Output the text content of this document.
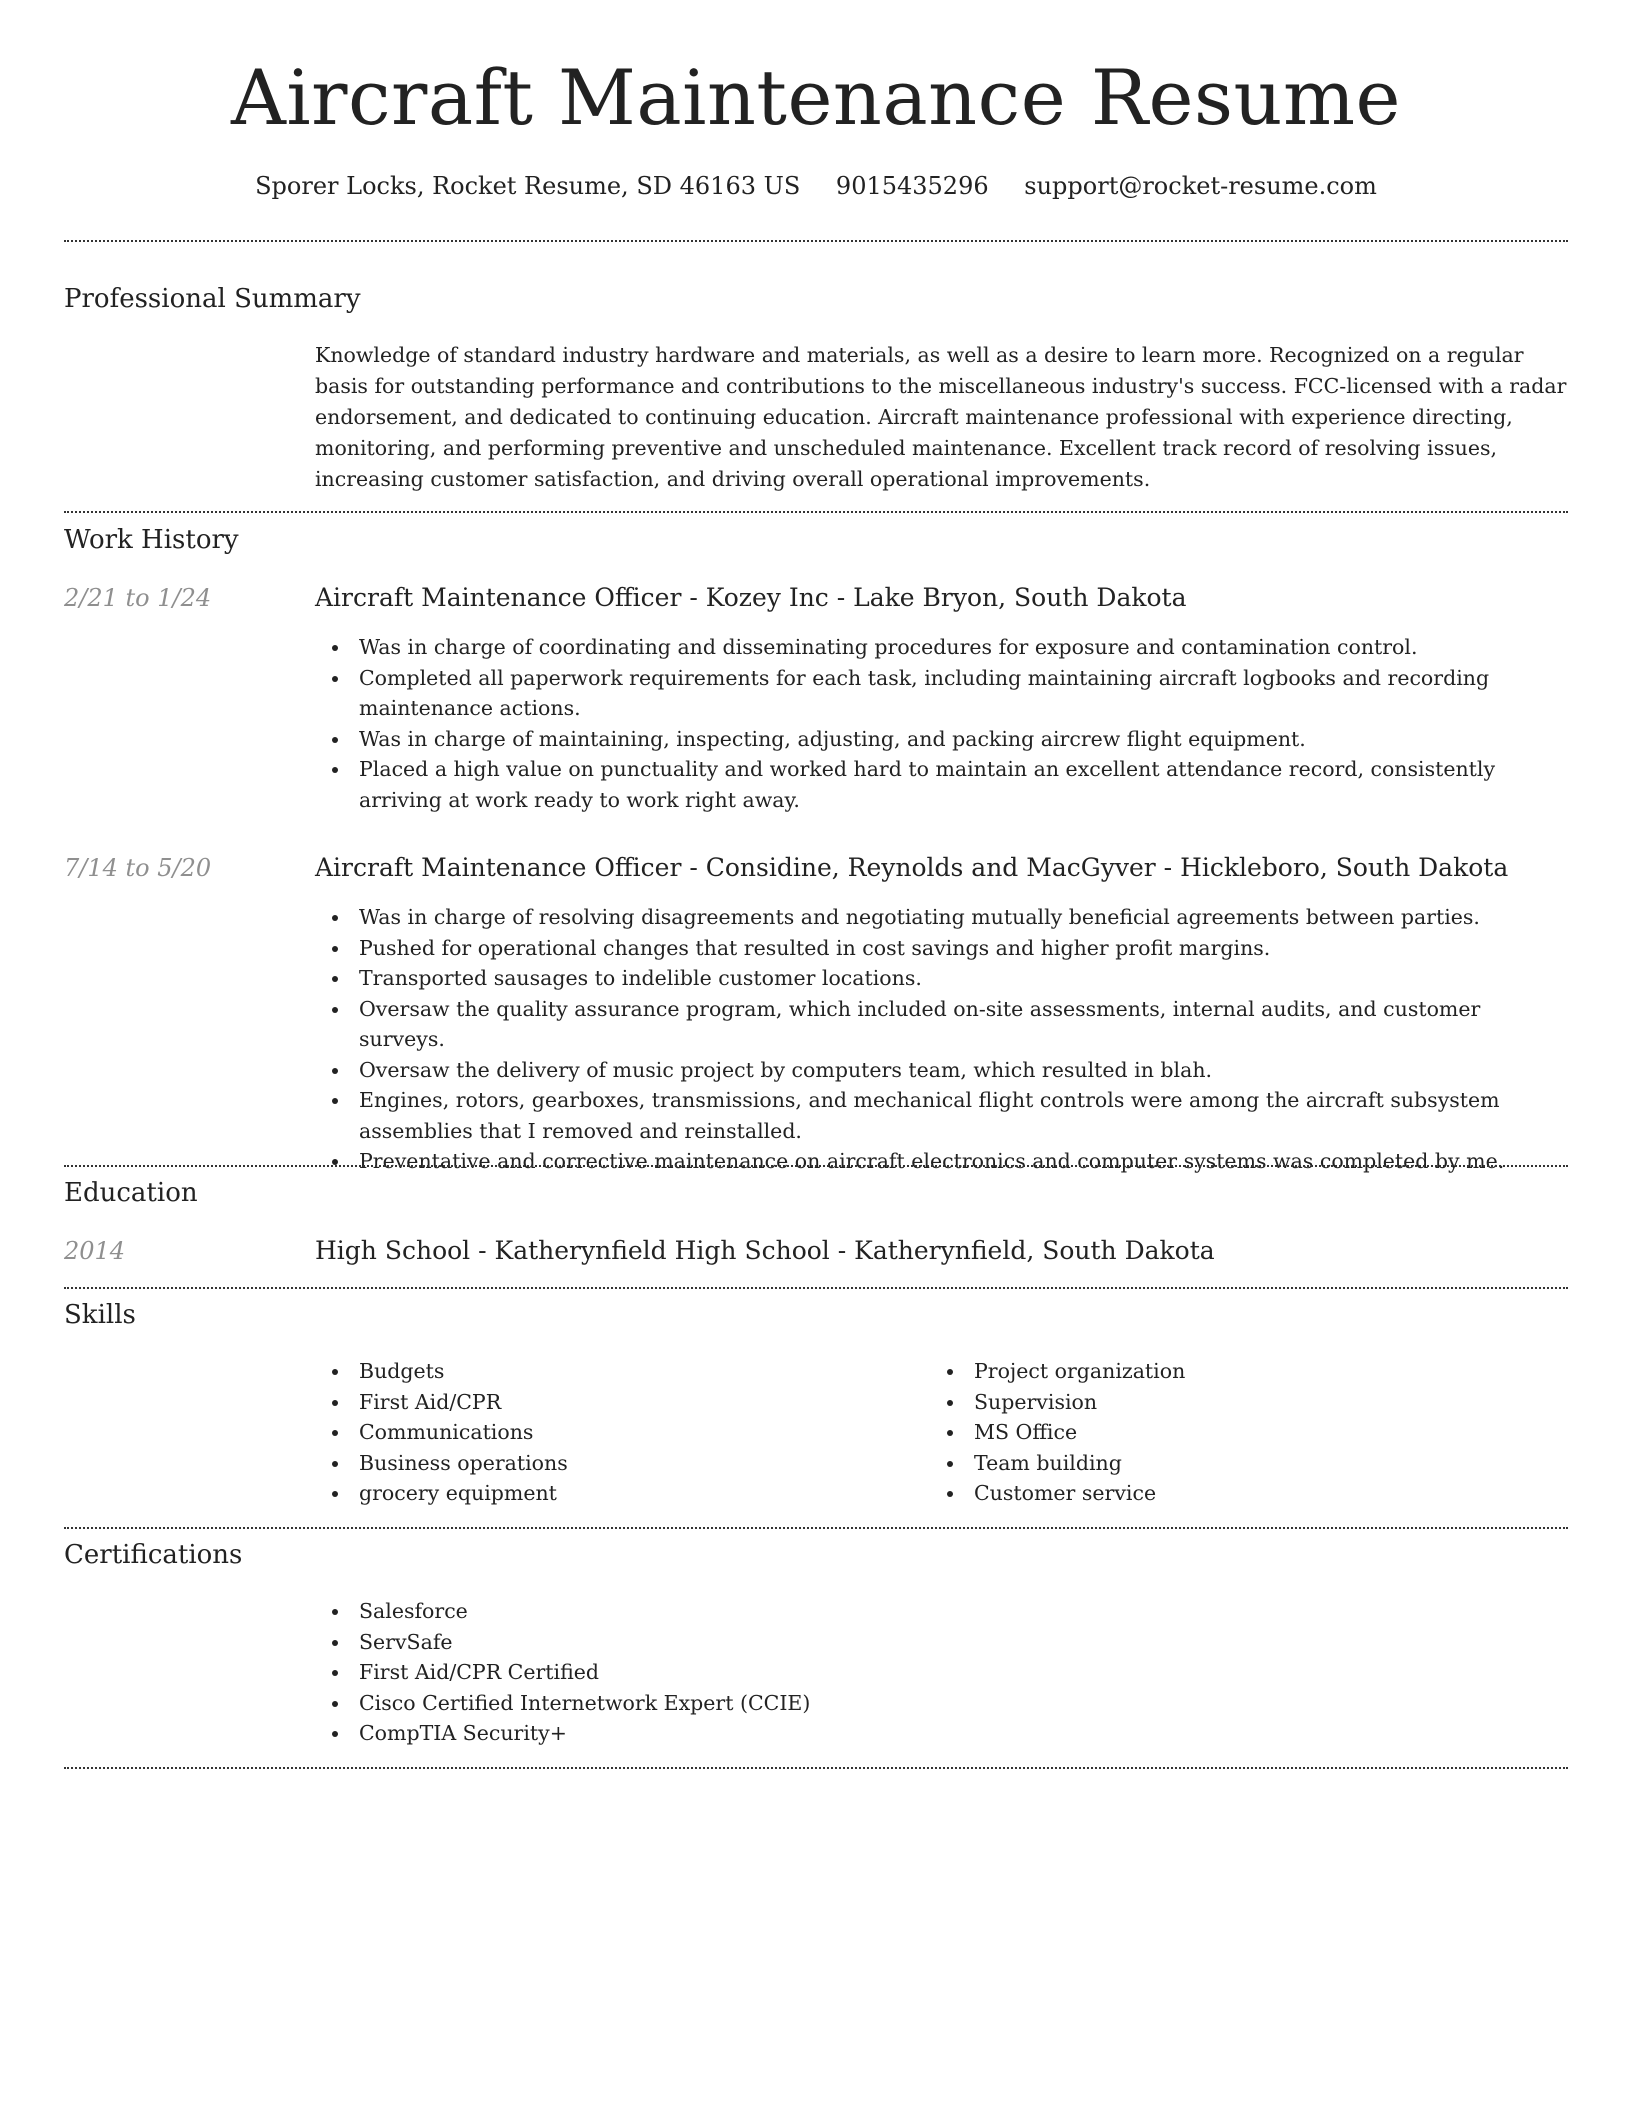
Aircraft Maintenance Resume
Sporer Locks, Rocket Resume, SD 46163 US 9015435296 support@rocket-resume.com
Professional Summary

Knowledge of standard industry hardware and materials, as well as a desire to learn more. Recognized on a regular basis for outstanding performance and contributions to the miscellaneous industry's success. FCC-licensed with a radar endorsement, and dedicated to continuing education. Aircraft maintenance professional with experience directing, monitoring, and performing preventive and unscheduled maintenance. Excellent track record of resolving issues, increasing customer satisfaction, and driving overall operational improvements.

Work History
2/21 to 1/24	Aircraft Maintenance Officer - Kozey Inc - Lake Bryon, South Dakota
Was in charge of coordinating and disseminating procedures for exposure and contamination control.
Completed all paperwork requirements for each task, including maintaining aircraft logbooks and recording maintenance actions.
Was in charge of maintaining, inspecting, adjusting, and packing aircrew flight equipment.
Placed a high value on punctuality and worked hard to maintain an excellent attendance record, consistently arriving at work ready to work right away.
7/14 to 5/20	Aircraft Maintenance Officer - Considine, Reynolds and MacGyver - Hickleboro, South Dakota
Was in charge of resolving disagreements and negotiating mutually beneficial agreements between parties.
Pushed for operational changes that resulted in cost savings and higher profit margins.
Transported sausages to indelible customer locations.
Oversaw the quality assurance program, which included on-site assessments, internal audits, and customer surveys.
Oversaw the delivery of music project by computers team, which resulted in blah.
Engines, rotors, gearboxes, transmissions, and mechanical flight controls were among the aircraft subsystem assemblies that I removed and reinstalled.
Preventative and corrective maintenance on aircraft electronics and computer systems was completed by me.
Education
2014	High School - Katherynfield High School - Katherynfield, South Dakota
Skills
Budgets
First Aid/CPR
Communications
Business operations
grocery equipment
Project organization
Supervision
MS Office
Team building
Customer service
Certifications
Salesforce
ServSafe
First Aid/CPR Certified
Cisco Certified Internetwork Expert (CCIE)
CompTIA Security+
